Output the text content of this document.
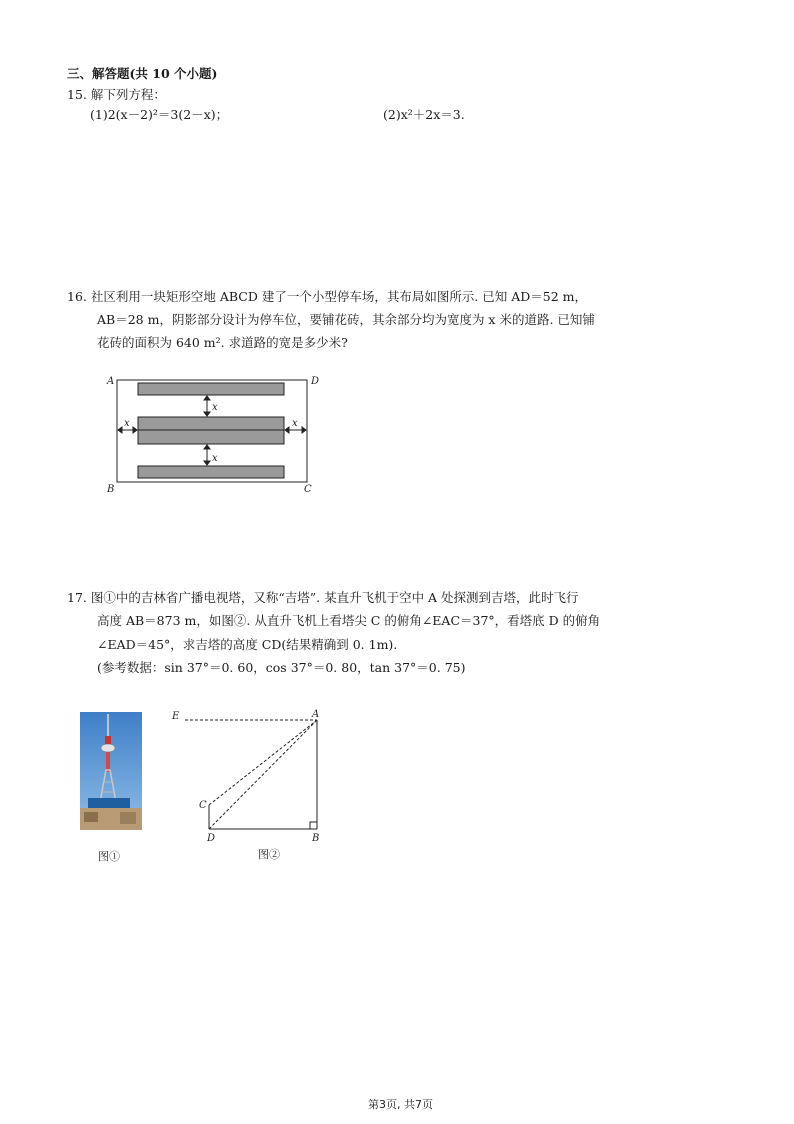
三、解答题(共 10 个小题)
15. 解下列方程：
(1)2(x－2)²＝3(2－x)；	(2)x²＋2x＝3.
16. 社区利用一块矩形空地 ABCD 建了一个小型停车场，其布局如图所示. 已知 AD＝52 m，
AB＝28 m，阴影部分设计为停车位，要铺花砖，其余部分均为宽度为 x 米的道路. 已知铺
花砖的面积为 640 m². 求道路的宽是多少米?
A	D
B	C
x
x
x	x
17. 图①中的吉林省广播电视塔，又称“吉塔”. 某直升飞机于空中 A 处探测到吉塔，此时飞行
高度 AB＝873 m，如图②. 从直升飞机上看塔尖 C 的俯角∠EAC＝37°，看塔底 D 的俯角
∠EAD＝45°，求吉塔的高度 CD(结果精确到 0. 1m).
(参考数据：sin 37°＝0. 60，cos 37°＝0. 80，tan 37°＝0. 75)
图①
E	A
C
D	B
图②
第3页, 共7页
